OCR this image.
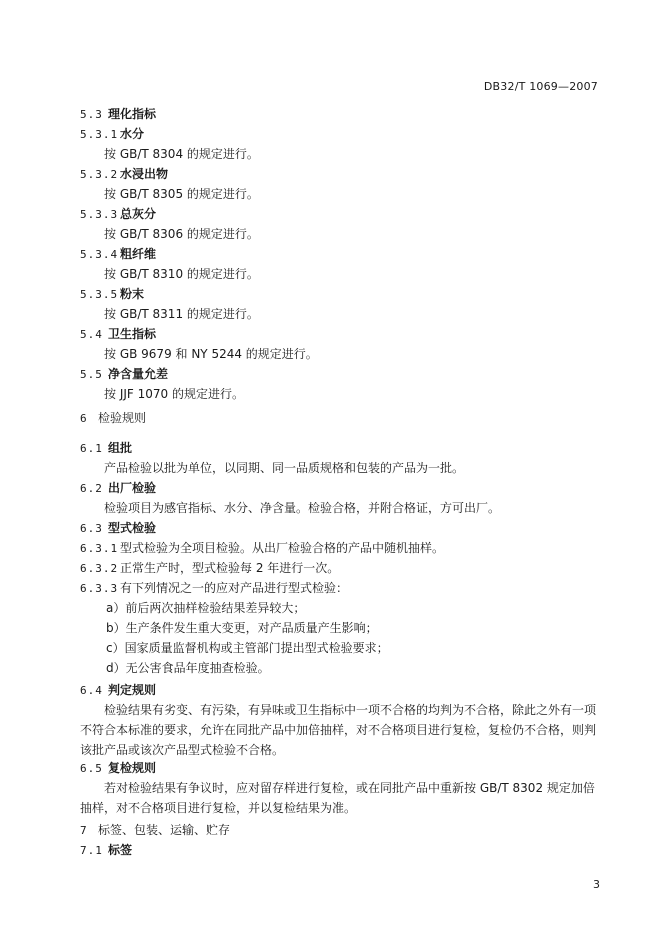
DB32/T 1069—2007
5.3 理化指标
5.3.1 水分
按 GB/T 8304 的规定进行。
5.3.2 水浸出物
按 GB/T 8305 的规定进行。
5.3.3 总灰分
按 GB/T 8306 的规定进行。
5.3.4 粗纤维
按 GB/T 8310 的规定进行。
5.3.5 粉末
按 GB/T 8311 的规定进行。
5.4 卫生指标
按 GB 9679 和 NY 5244 的规定进行。
5.5 净含量允差
按 JJF 1070 的规定进行。
6 检验规则
6.1 组批
产品检验以批为单位，以同期、同一品质规格和包装的产品为一批。
6.2 出厂检验
检验项目为感官指标、水分、净含量。检验合格，并附合格证，方可出厂。
6.3 型式检验
6.3.1 型式检验为全项目检验。从出厂检验合格的产品中随机抽样。
6.3.2 正常生产时，型式检验每 2 年进行一次。
6.3.3 有下列情况之一的应对产品进行型式检验：
a）前后两次抽样检验结果差异较大；
b）生产条件发生重大变更，对产品质量产生影响；
c）国家质量监督机构或主管部门提出型式检验要求；
d）无公害食品年度抽查检验。
6.4 判定规则
检验结果有劣变、有污染，有异味或卫生指标中一项不合格的均判为不合格，除此之外有一项不符合本标准的要求，允许在同批产品中加倍抽样，对不合格项目进行复检，复检仍不合格，则判该批产品或该次产品型式检验不合格。
6.5 复检规则
若对检验结果有争议时，应对留存样进行复检，或在同批产品中重新按 GB/T 8302 规定加倍抽样，对不合格项目进行复检，并以复检结果为准。
7 标签、包装、运输、贮存
7.1 标签
3
